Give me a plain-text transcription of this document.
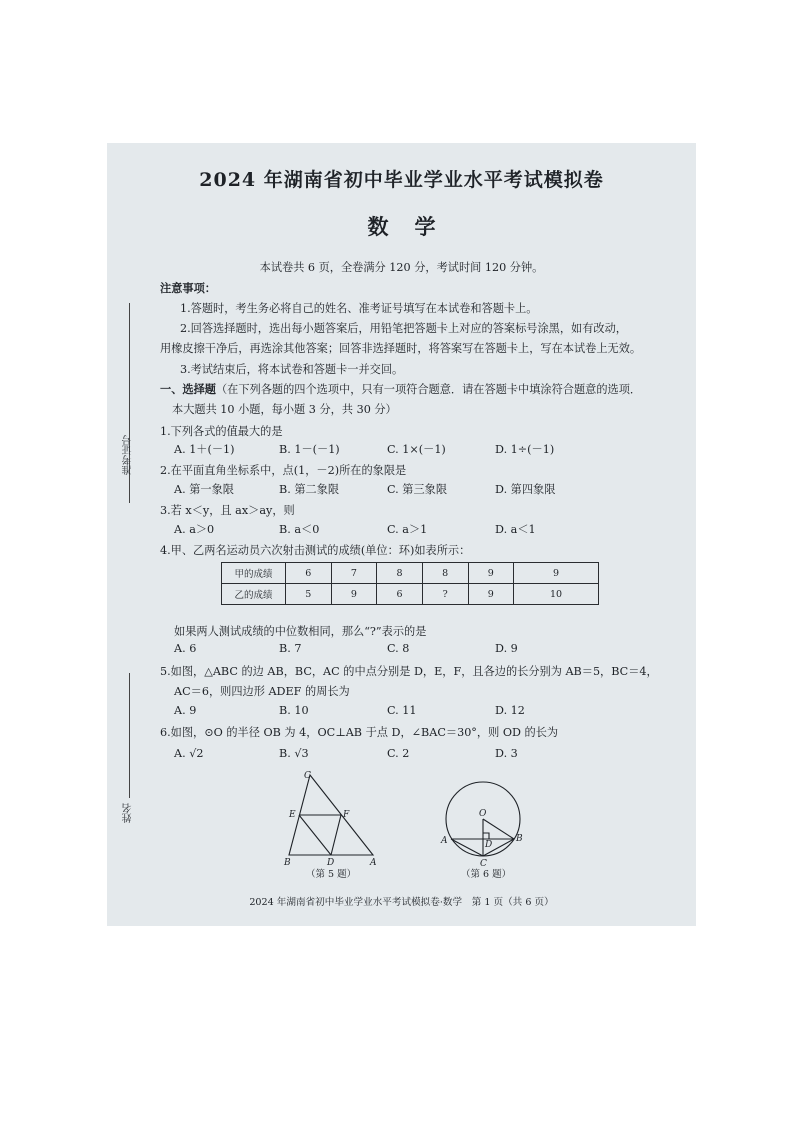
准考证号
姓名
2024 年湖南省初中毕业学业水平考试模拟卷
数学
本试卷共 6 页，全卷满分 120 分，考试时间 120 分钟。
注意事项：
1.答题时，考生务必将自己的姓名、准考证号填写在本试卷和答题卡上。
2.回答选择题时，选出每小题答案后，用铅笔把答题卡上对应的答案标号涂黑，如有改动，
用橡皮擦干净后，再选涂其他答案；回答非选择题时，将答案写在答题卡上，写在本试卷上无效。
3.考试结束后，将本试卷和答题卡一并交回。
一、选择题（在下列各题的四个选项中，只有一项符合题意．请在答题卡中填涂符合题意的选项．
本大题共 10 小题，每小题 3 分，共 30 分）
1.下列各式的值最大的是
A. 1＋(－1)	B. 1－(－1)	C. 1×(－1)	D. 1÷(－1)
2.在平面直角坐标系中，点(1，－2)所在的象限是
A. 第一象限	B. 第二象限	C. 第三象限	D. 第四象限
3.若 x＜y，且 ax＞ay，则
A. a＞0	B. a＜0	C. a＞1	D. a＜1
4.甲、乙两名运动员六次射击测试的成绩(单位：环)如表所示：
甲的成绩	6	7	8	8	9	9
乙的成绩	5	9	6	?	9	10
如果两人测试成绩的中位数相同，那么“?”表示的是
A. 6	B. 7	C. 8	D. 9
5.如图，△ABC 的边 AB，BC，AC 的中点分别是 D，E，F，且各边的长分别为 AB＝5，BC＝4，
AC＝6，则四边形 ADEF 的周长为
A. 9	B. 10	C. 11	D. 12
6.如图，⊙O 的半径 OB 为 4，OC⊥AB 于点 D，∠BAC＝30°，则 OD 的长为
A. √2	B. √3	C. 2	D. 3
C
E	F
B	D	A
（第 5 题）
O
D
A	B
C
（第 6 题）
2024 年湖南省初中毕业学业水平考试模拟卷·数学　第 1 页（共 6 页）
